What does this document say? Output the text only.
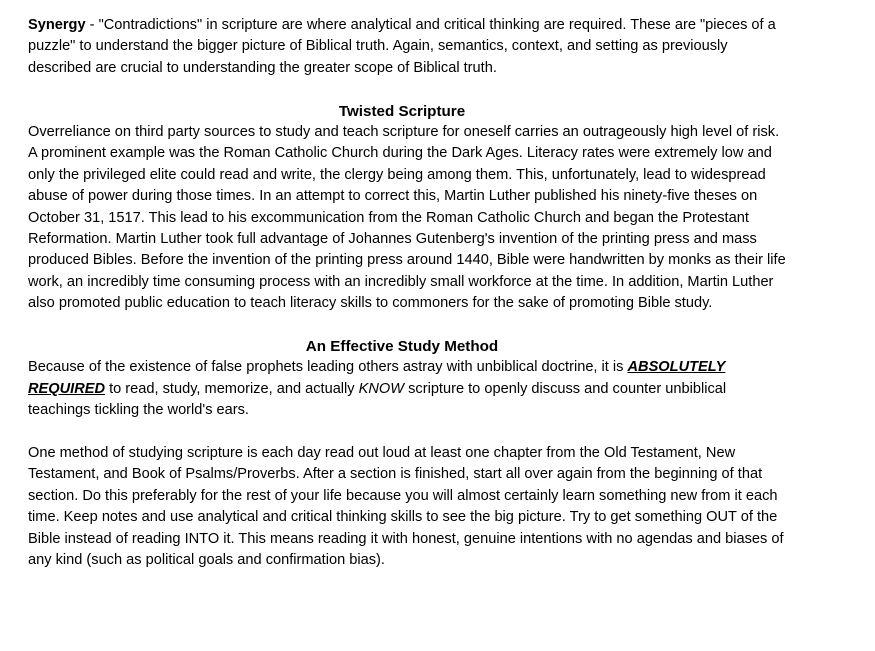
Synergy - "Contradictions" in scripture are where analytical and critical thinking are required. These are "pieces of a puzzle" to understand the bigger picture of Biblical truth. Again, semantics, context, and setting as previously described are crucial to understanding the greater scope of Biblical truth.

Twisted Scripture

Overreliance on third party sources to study and teach scripture for oneself carries an outrageously high level of risk. A prominent example was the Roman Catholic Church during the Dark Ages. Literacy rates were extremely low and only the privileged elite could read and write, the clergy being among them. This, unfortunately, lead to widespread abuse of power during those times. In an attempt to correct this, Martin Luther published his ninety-five theses on October 31, 1517. This lead to his excommunication from the Roman Catholic Church and began the Protestant Reformation. Martin Luther took full advantage of Johannes Gutenberg's invention of the printing press and mass produced Bibles. Before the invention of the printing press around 1440, Bible were handwritten by monks as their life work, an incredibly time consuming process with an incredibly small workforce at the time. In addition, Martin Luther also promoted public education to teach literacy skills to commoners for the sake of promoting Bible study.

An Effective Study Method

Because of the existence of false prophets leading others astray with unbiblical doctrine, it is ABSOLUTELY REQUIRED to read, study, memorize, and actually KNOW scripture to openly discuss and counter unbiblical teachings tickling the world's ears.

One method of studying scripture is each day read out loud at least one chapter from the Old Testament, New Testament, and Book of Psalms/Proverbs. After a section is finished, start all over again from the beginning of that section. Do this preferably for the rest of your life because you will almost certainly learn something new from it each time. Keep notes and use analytical and critical thinking skills to see the big picture. Try to get something OUT of the Bible instead of reading INTO it. This means reading it with honest, genuine intentions with no agendas and biases of any kind (such as political goals and confirmation bias).
